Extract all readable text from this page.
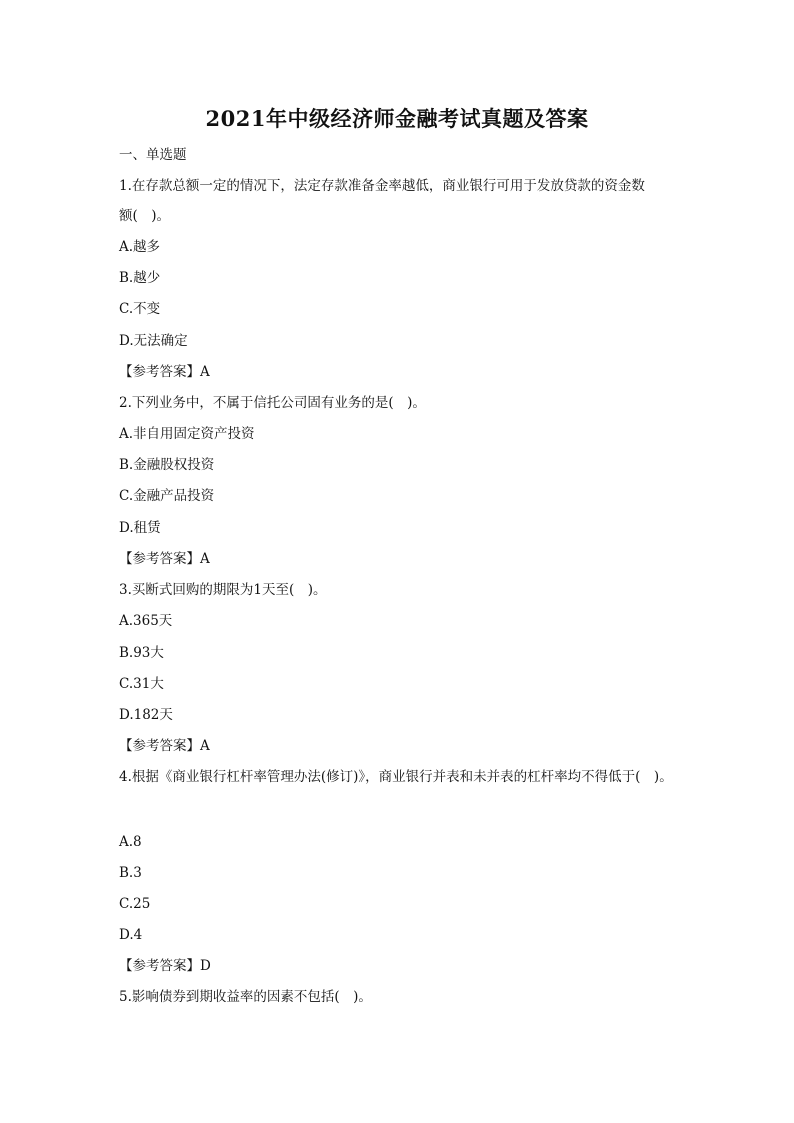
2021年中级经济师金融考试真题及答案
一、单选题
1.在存款总额一定的情况下，法定存款准备金率越低，商业银行可用于发放贷款的资金数
额(　)。
A.越多
B.越少
C.不变
D.无法确定
【参考答案】A
2.下列业务中，不属于信托公司固有业务的是(　)。
A.非自用固定资产投资
B.金融股权投资
C.金融产品投资
D.租赁
【参考答案】A
3.买断式回购的期限为1天至(　)。
A.365天
B.93大
C.31大
D.182天
【参考答案】A
4.根据《商业银行杠杆率管理办法(修订)》，商业银行并表和未并表的杠杆率均不得低于(　)。
A.8
B.3
C.25
D.4
【参考答案】D
5.影响债券到期收益率的因素不包括(　)。
